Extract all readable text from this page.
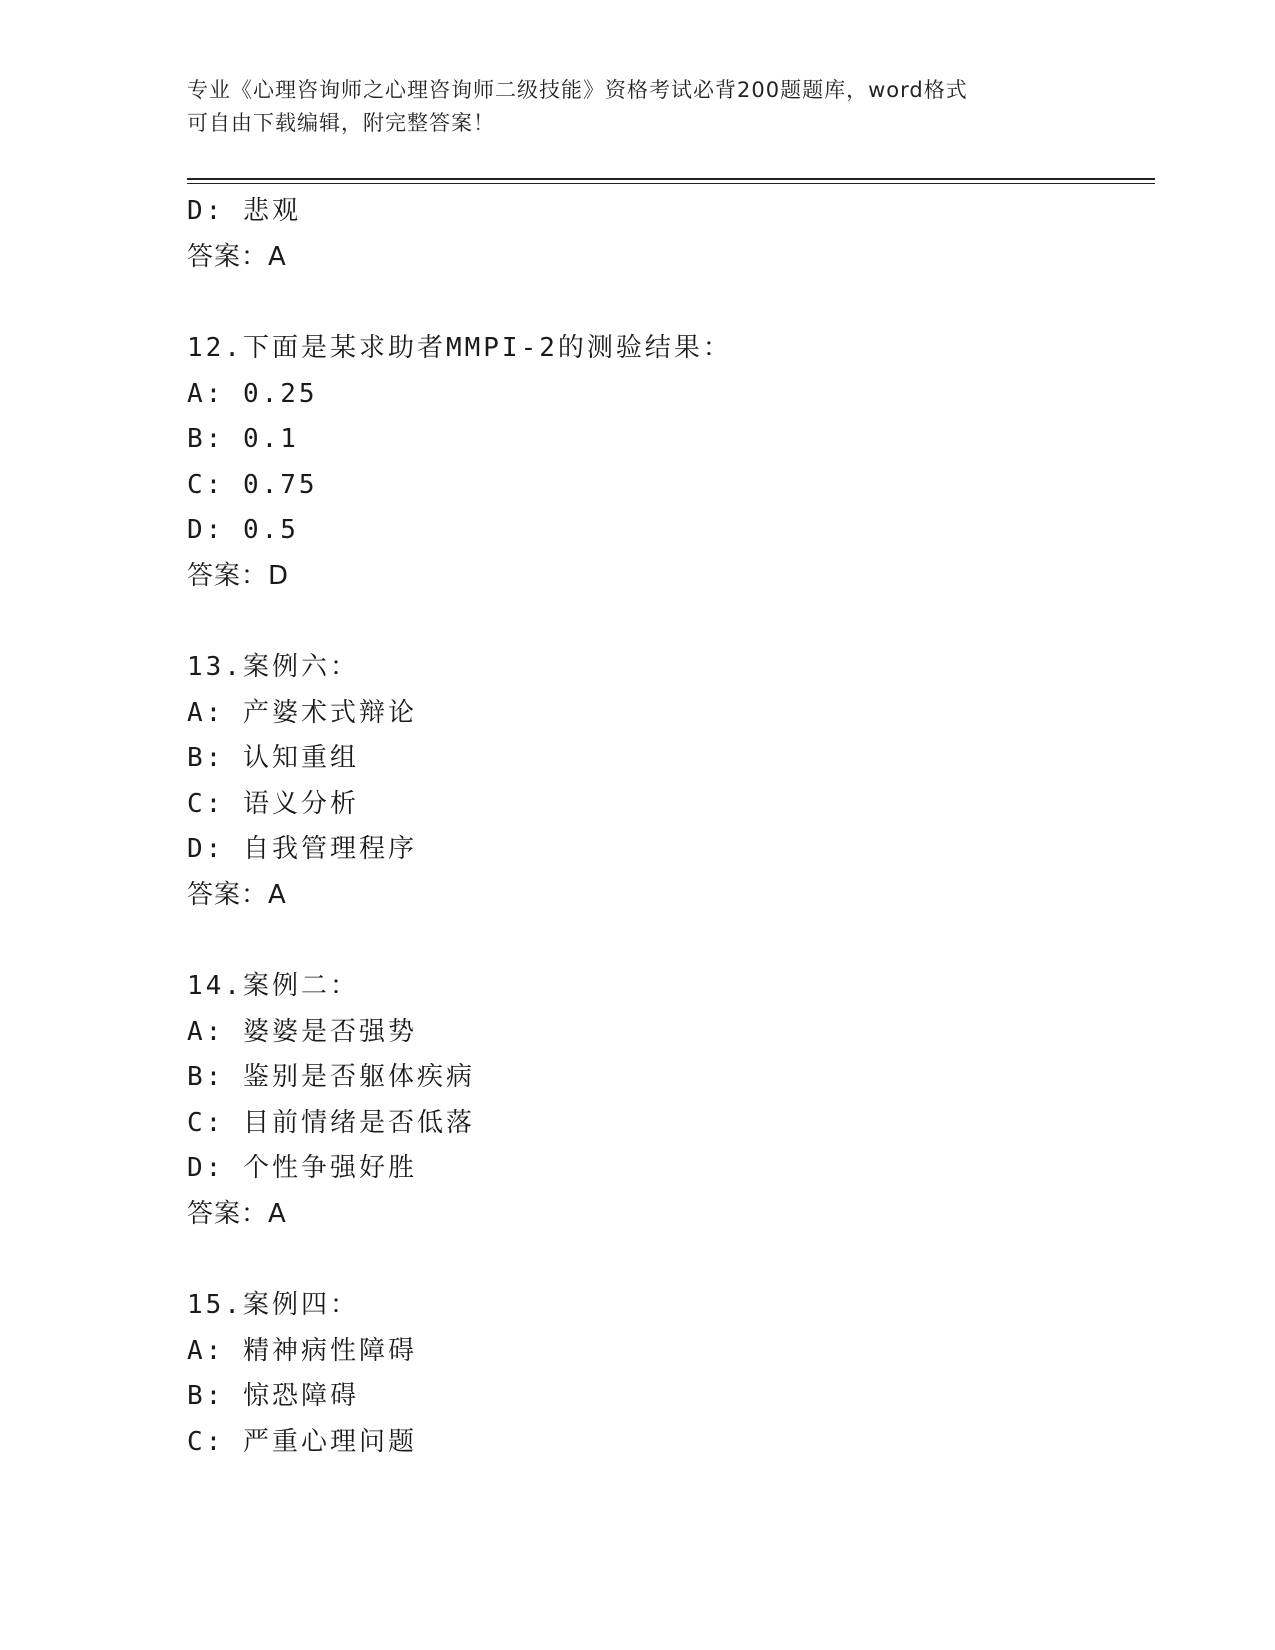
专业《心理咨询师之心理咨询师二级技能》资格考试必背200题题库，word格式
可自由下载编辑，附完整答案！
D: 悲观
答案：A
12.下面是某求助者MMPI-2的测验结果：
A: 0.25
B: 0.1
C: 0.75
D: 0.5
答案：D
13.案例六：
A: 产婆术式辩论
B: 认知重组
C: 语义分析
D: 自我管理程序
答案：A
14.案例二：
A: 婆婆是否强势
B: 鉴别是否躯体疾病
C: 目前情绪是否低落
D: 个性争强好胜
答案：A
15.案例四：
A: 精神病性障碍
B: 惊恐障碍
C: 严重心理问题
